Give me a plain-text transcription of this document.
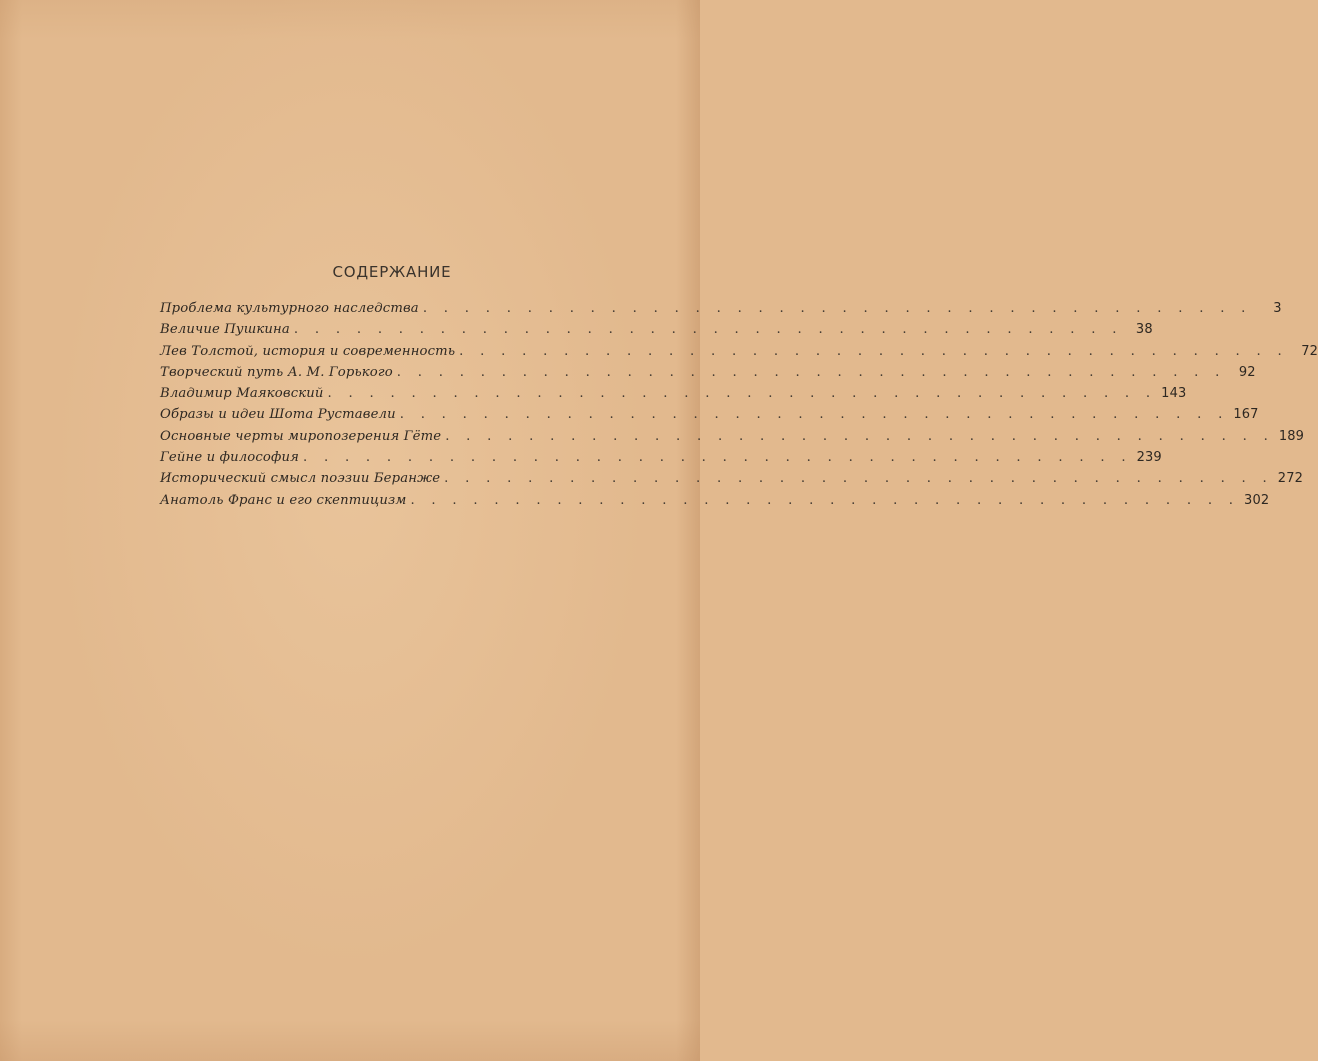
СОДЕРЖАНИЕ
Проблема культурного наследства . . . . . . . . . . . . . . . . . . . . . . . . . . . . . . . . . . . . . . . .	3
Величие Пушкина . . . . . . . . . . . . . . . . . . . . . . . . . . . . . . . . . . . . . . . .	38
Лев Толстой, история и современность . . . . . . . . . . . . . . . . . . . . . . . . . . . . . . . . . . . . . . . .	72
Творческий путь А. М. Горького . . . . . . . . . . . . . . . . . . . . . . . . . . . . . . . . . . . . . . . .	92
Владимир Маяковский . . . . . . . . . . . . . . . . . . . . . . . . . . . . . . . . . . . . . . . . 143
Образы и идеи Шота Руставели . . . . . . . . . . . . . . . . . . . . . . . . . . . . . . . . . . . . . . . . 167
Основные черты миропозерения Гёте . . . . . . . . . . . . . . . . . . . . . . . . . . . . . . . . . . . . . . . . 189
Гейне и философия . . . . . . . . . . . . . . . . . . . . . . . . . . . . . . . . . . . . . . . . 239
Исторический смысл поэзии Беранже . . . . . . . . . . . . . . . . . . . . . . . . . . . . . . . . . . . . . . . . 272
Анатоль Франс и его скептицизм . . . . . . . . . . . . . . . . . . . . . . . . . . . . . . . . . . . . . . . . 302
